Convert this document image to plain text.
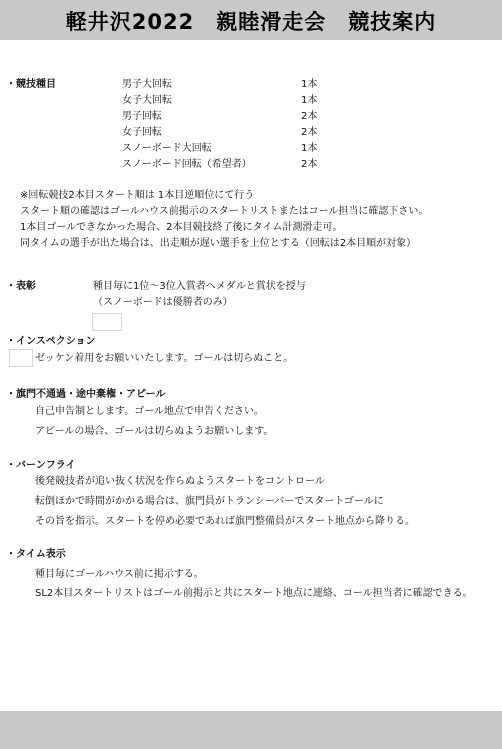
軽井沢2022　親睦滑走会　競技案内
・競技種目	男子大回転	1本
女子大回転	1本
男子回転	2本
女子回転	2本
スノーボード大回転	1本
スノーボード回転（希望者）	2本
※回転競技2本目スタート順は 1本目逆順位にて行う
スタート順の確認はゴールハウス前掲示のスタートリストまたはコール担当に確認下さい。
1本目ゴールできなかった場合、2本目競技終了後にタイム計測滑走可。
同タイムの選手が出た場合は、出走順が遅い選手を上位とする（回転は2本目順が対象）
・表彰	種目毎に1位～3位入賞者へメダルと賞状を授与
（スノーボードは優勝者のみ）
・インスペクション
ゼッケン着用をお願いいたします。ゴールは切らぬこと。
・旗門不通過・途中棄権・アピール
自己申告制とします。ゴール地点で申告ください。
アピールの場合、ゴールは切らぬようお願いします。
・バーンフライ
後発競技者が追い抜く状況を作らぬようスタートをコントロール
転倒ほかで時間がかかる場合は、旗門員がトランシーバーでスタートゴールに
その旨を指示。スタートを停め必要であれば旗門整備員がスタート地点から降りる。
・タイム表示
種目毎にゴールハウス前に掲示する。
SL2本目スタートリストはゴール前掲示と共にスタート地点に連絡、コール担当者に確認できる。
